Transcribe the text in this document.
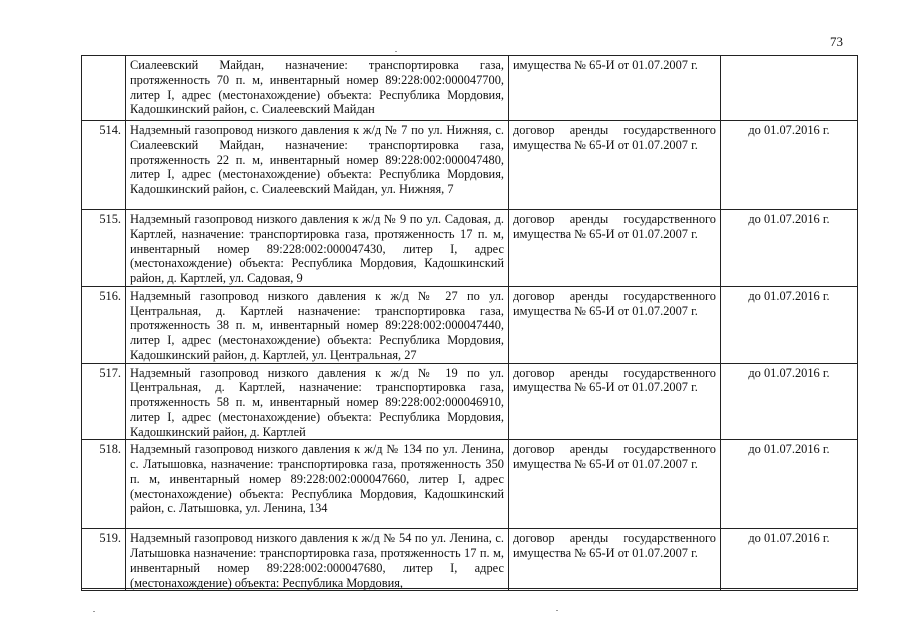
73
	Сиалеевский Майдан, назначение: транспортировка газа, протяженность 70 п. м, инвентарный номер 89:228:002:000047700, литер I, адрес (местонахождение) объекта: Республика Мордовия, Кадошкинский район, с. Сиалеевский Майдан	имущества № 65-И от 01.07.2007 г.	
514.	Надземный газопровод низкого давления к ж/д № 7 по ул. Нижняя, с. Сиалеевский Майдан, назначение: транспортировка газа, протяженность 22 п. м, инвентарный номер 89:228:002:000047480, литер I, адрес (местонахождение) объекта: Республика Мордовия, Кадошкинский район, с. Сиалеевский Майдан, ул. Нижняя, 7	договор аренды государственного имущества № 65-И от 01.07.2007 г.	до 01.07.2016 г.
515.	Надземный газопровод низкого давления к ж/д № 9 по ул. Садовая, д. Картлей, назначение: транспортировка газа, протяженность 17 п. м, инвентарный номер 89:228:002:000047430, литер I, адрес (местонахождение) объекта: Республика Мордовия, Кадошкинский район, д. Картлей, ул. Садовая, 9	договор аренды государственного имущества № 65-И от 01.07.2007 г.	до 01.07.2016 г.
516.	Надземный газопровод низкого давления к ж/д № 27 по ул. Центральная, д. Картлей назначение: транспортировка газа, протяженность 38 п. м, инвентарный номер 89:228:002:000047440, литер I, адрес (местонахождение) объекта: Республика Мордовия, Кадошкинский район, д. Картлей, ул. Центральная, 27	договор аренды государственного имущества № 65-И от 01.07.2007 г.	до 01.07.2016 г.
517.	Надземный газопровод низкого давления к ж/д № 19 по ул. Центральная, д. Картлей, назначение: транспортировка газа, протяженность 58 п. м, инвентарный номер 89:228:002:000046910, литер I, адрес (местонахождение) объекта: Республика Мордовия, Кадошкинский район, д. Картлей	договор аренды государственного имущества № 65-И от 01.07.2007 г.	до 01.07.2016 г.
518.	Надземный газопровод низкого давления к ж/д № 134 по ул. Ленина, с. Латышовка, назначение: транспортировка газа, протяженность 350 п. м, инвентарный номер 89:228:002:000047660, литер I, адрес (местонахождение) объекта: Республика Мордовия, Кадошкинский район, с. Латышовка, ул. Ленина, 134	договор аренды государственного имущества № 65-И от 01.07.2007 г.	до 01.07.2016 г.
519.	Надземный газопровод низкого давления к ж/д № 54 по ул. Ленина, с. Латышовка назначение: транспортировка газа, протяженность 17 п. м, инвентарный номер 89:228:002:000047680, литер I, адрес (местонахождение) объекта: Республика Мордовия,	договор аренды государственного имущества № 65-И от 01.07.2007 г.	до 01.07.2016 г.
